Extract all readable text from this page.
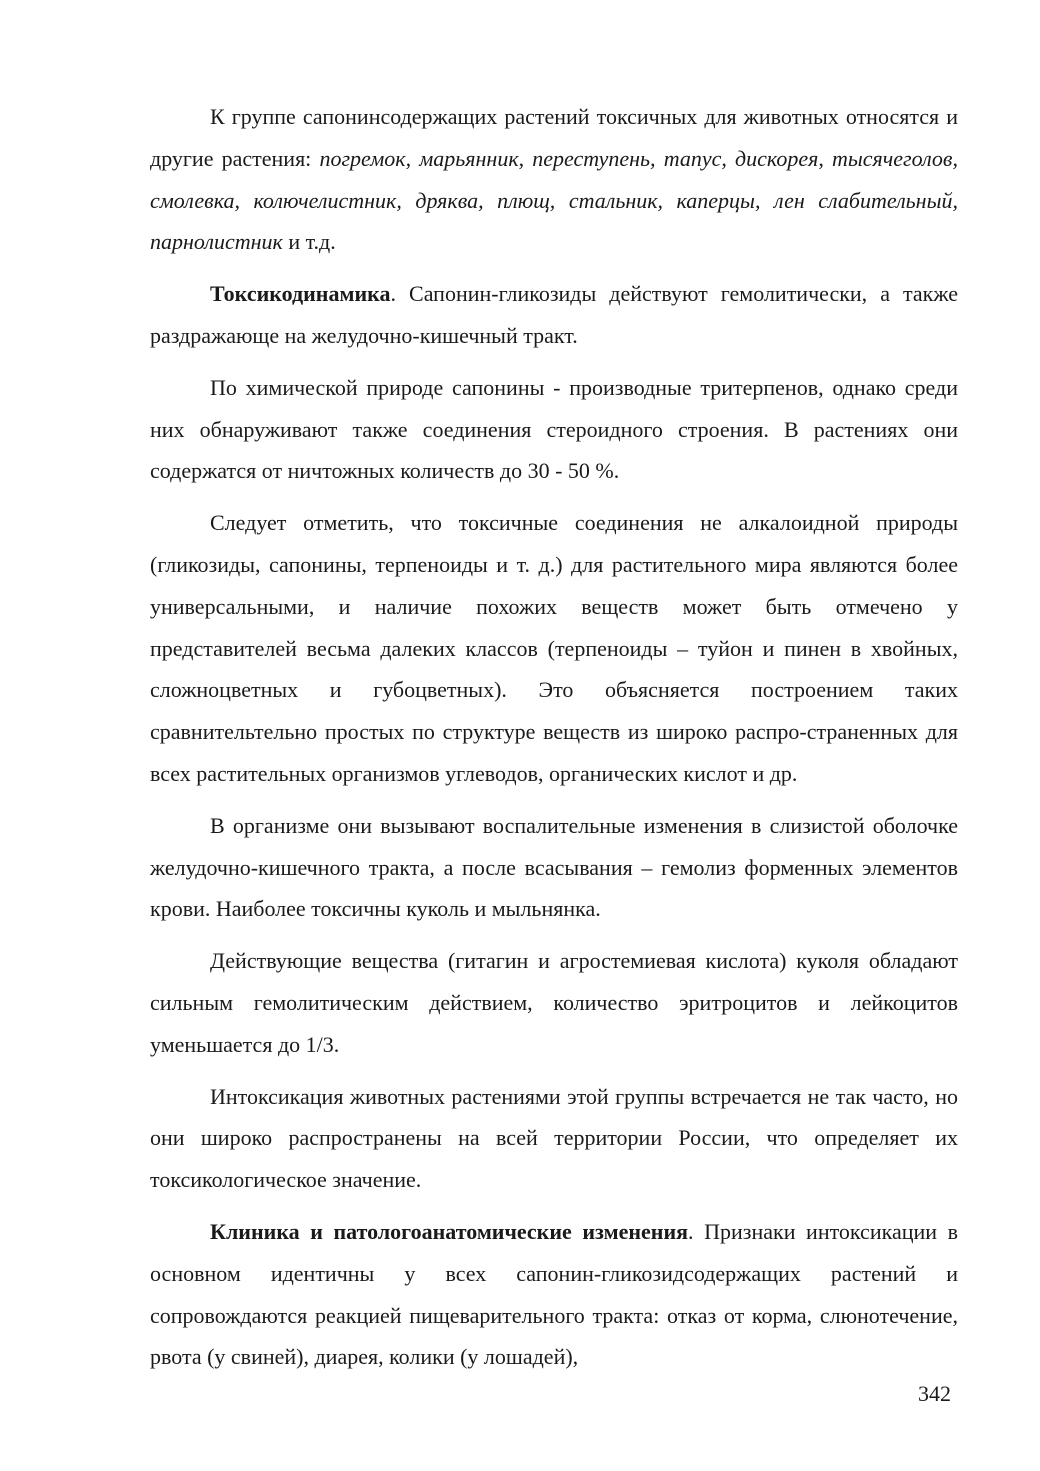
К группе сапонинсодержащих растений токсичных для животных относятся и другие растения: погремок, марьянник, переступень, тапус, дискорея, тысячеголов, смолевка, колючелистник, дряква, плющ, стальник, каперцы, лен слабительный, парнолистник и т.д.

Токсикодинамика. Сапонин-гликозиды действуют гемолитически, а также раздражающе на желудочно-кишечный тракт.

По химической природе сапонины - производные тритерпенов, однако среди них обнаруживают также соединения стероидного строения. В растениях они содержатся от ничтожных количеств до 30 - 50 %.

Следует отметить, что токсичные соединения не алкалоидной природы (гликозиды, сапонины, терпеноиды и т. д.) для растительного мира являются более универсальными, и наличие похожих веществ может быть отмечено у представителей весьма далеких классов (терпеноиды – туйон и пинен в хвойных, сложноцветных и губоцветных). Это объясняется построением таких сравнительтельно простых по структуре веществ из широко распро-страненных для всех растительных организмов углеводов, органических кислот и др.

В организме они вызывают воспалительные изменения в слизистой оболочке желудочно-кишечного тракта, а после всасывания – гемолиз форменных элементов крови. Наиболее токсичны куколь и мыльнянка.

Действующие вещества (гитагин и агростемиевая кислота) куколя обладают сильным гемолитическим действием, количество эритроцитов и лейкоцитов уменьшается до 1/3.

Интоксикация животных растениями этой группы встречается не так часто, но они широко распространены на всей территории России, что определяет их токсикологическое значение.

Клиника и патологоанатомические изменения. Признаки интоксикации в основном идентичны у всех сапонин-гликозидсодержащих растений и сопровождаются реакцией пищеварительного тракта: отказ от корма, слюнотечение, рвота (у свиней), диарея, колики (у лошадей),

342
